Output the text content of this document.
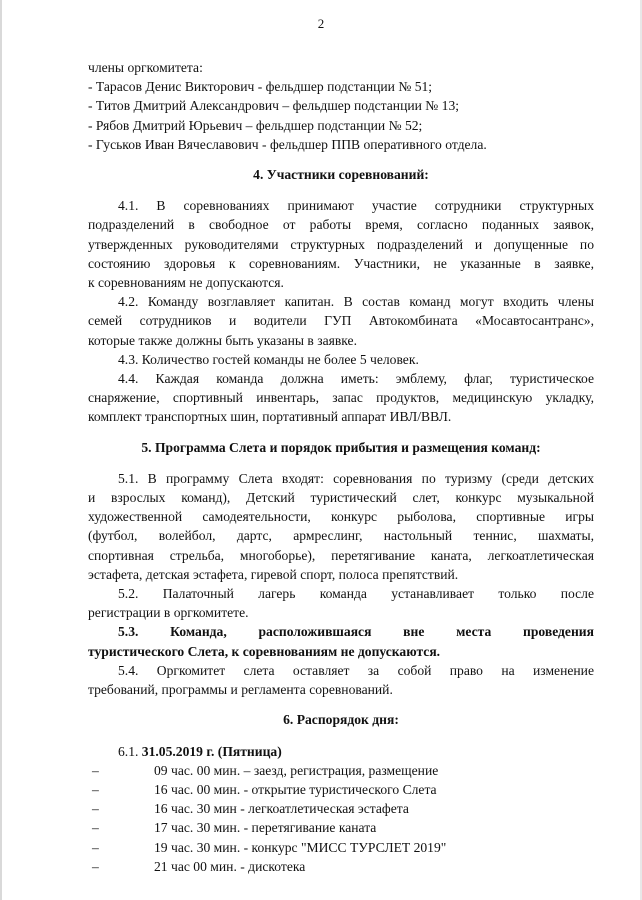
2
члены оргкомитета:
- Тарасов Денис Викторович - фельдшер подстанции № 51;
- Титов Дмитрий Александрович – фельдшер подстанции № 13;
- Рябов Дмитрий Юрьевич – фельдшер подстанции № 52;
- Гуськов Иван Вячеславович - фельдшер ППВ оперативного отдела.
4. Участники соревнований:
4.1. В соревнованиях принимают участие сотрудники структурных
подразделений в свободное от работы время, согласно поданных заявок,
утвержденных руководителями структурных подразделений и допущенные по
состоянию здоровья к соревнованиям. Участники, не указанные в заявке,
к соревнованиям не допускаются.
4.2. Команду возглавляет капитан. В состав команд могут входить члены
семей сотрудников и водители ГУП Автокомбината «Мосавтосантранс»,
которые также должны быть указаны в заявке.
4.3. Количество гостей команды не более 5 человек.
4.4. Каждая команда должна иметь: эмблему, флаг, туристическое
снаряжение, спортивный инвентарь, запас продуктов, медицинскую укладку,
комплект транспортных шин, портативный аппарат ИВЛ/ВВЛ.
5. Программа Слета и порядок прибытия и размещения команд:
5.1. В программу Слета входят: соревнования по туризму (среди детских
и взрослых команд), Детский туристический слет, конкурс музыкальной
художественной самодеятельности, конкурс рыболова, спортивные игры
(футбол, волейбол, дартс, армреслинг, настольный теннис, шахматы,
спортивная стрельба, многоборье), перетягивание каната, легкоатлетическая
эстафета, детская эстафета, гиревой спорт, полоса препятствий.
5.2. Палаточный лагерь команда устанавливает только после
регистрации в оргкомитете.
5.3. Команда, расположившаяся вне места проведения
туристического Слета, к соревнованиям не допускаются.
5.4. Оргкомитет слета оставляет за собой право на изменение
требований, программы и регламента соревнований.
6. Распорядок дня:
6.1. 31.05.2019 г. (Пятница)
–	09 час. 00 мин. – заезд, регистрация, размещение
–	16 час. 00 мин. - открытие туристического Слета
–	16 час. 30 мин - легкоатлетическая эстафета
–	17 час. 30 мин. - перетягивание каната
–	19 час. 30 мин. - конкурс "МИСС ТУРСЛЕТ 2019"
–	21 час 00 мин. - дискотека
